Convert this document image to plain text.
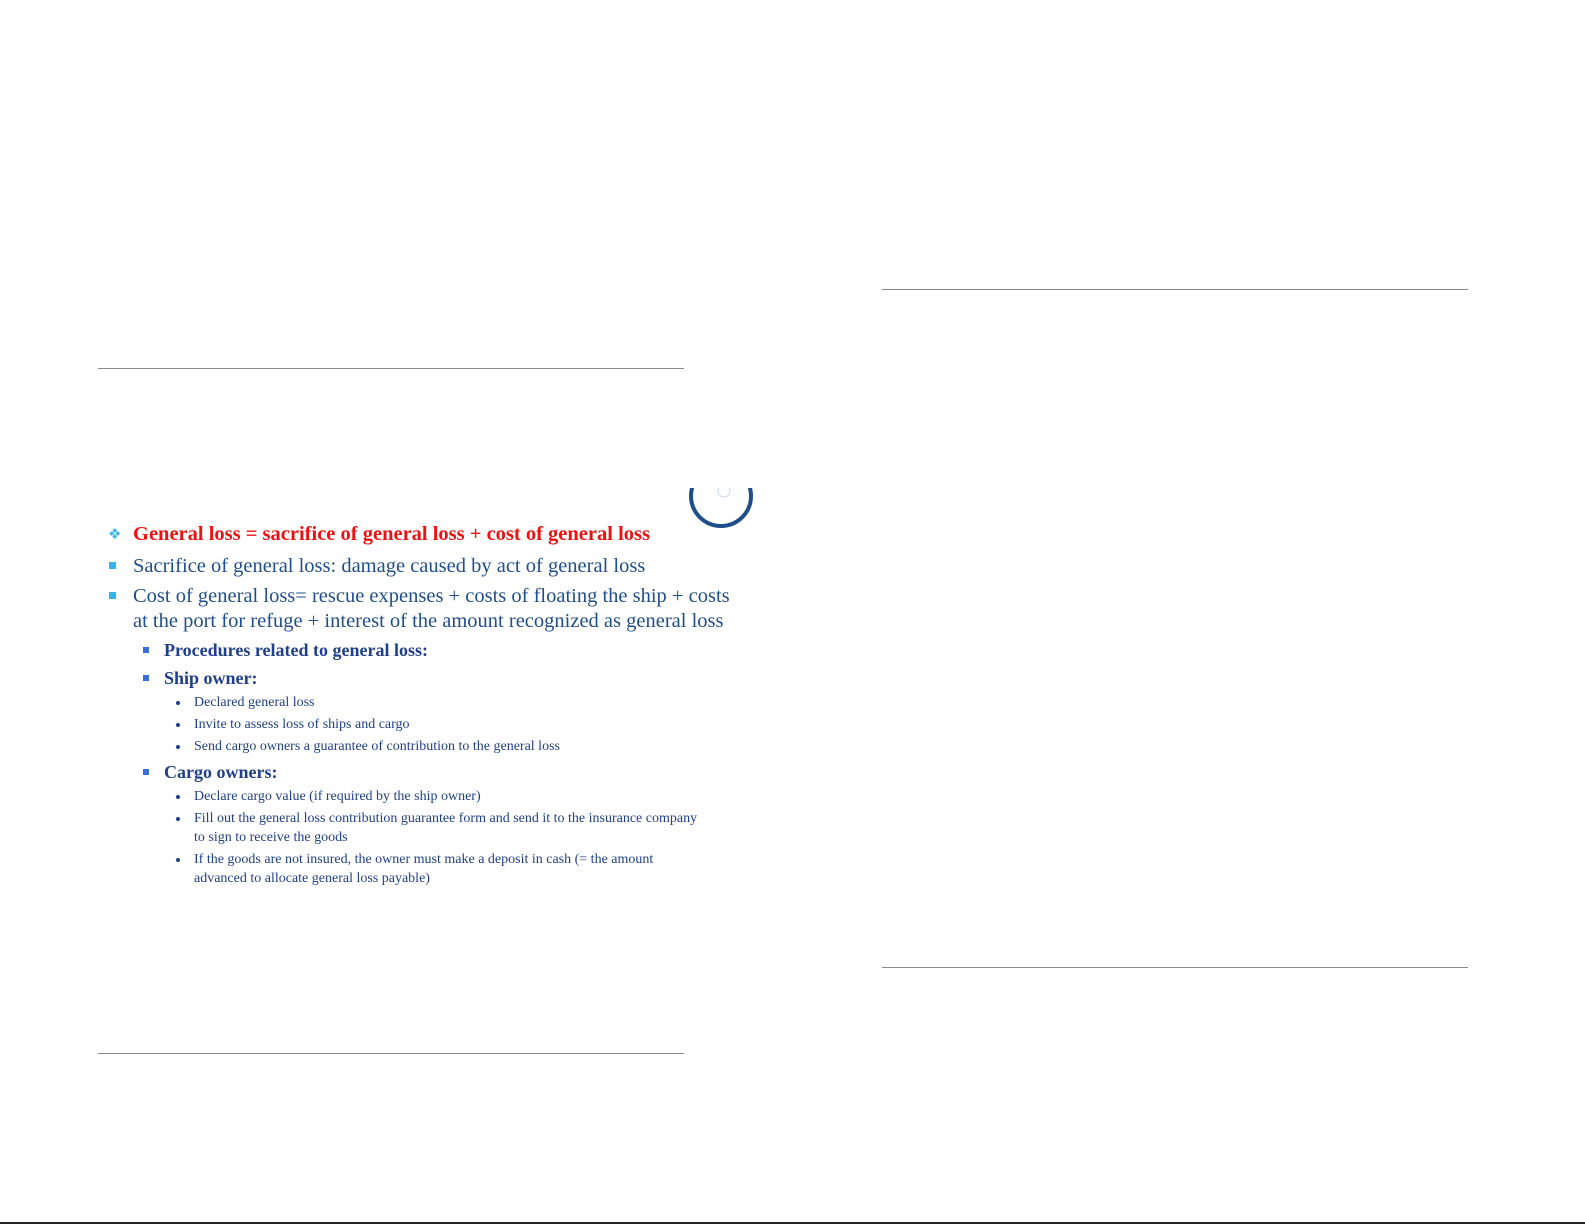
❖ General loss = sacrifice of general loss + cost of general loss
Sacrifice of general loss: damage caused by act of general loss
Cost of general loss= rescue expenses + costs of floating the ship + costs
at the port for refuge + interest of the amount recognized as general loss
Procedures related to general loss:
Ship owner:
Declared general loss
Invite to assess loss of ships and cargo
Send cargo owners a guarantee of contribution to the general loss
Cargo owners:
Declare cargo value (if required by the ship owner)
Fill out the general loss contribution guarantee form and send it to the insurance company
to sign to receive the goods
If the goods are not insured, the owner must make a deposit in cash (= the amount
advanced to allocate general loss payable)
